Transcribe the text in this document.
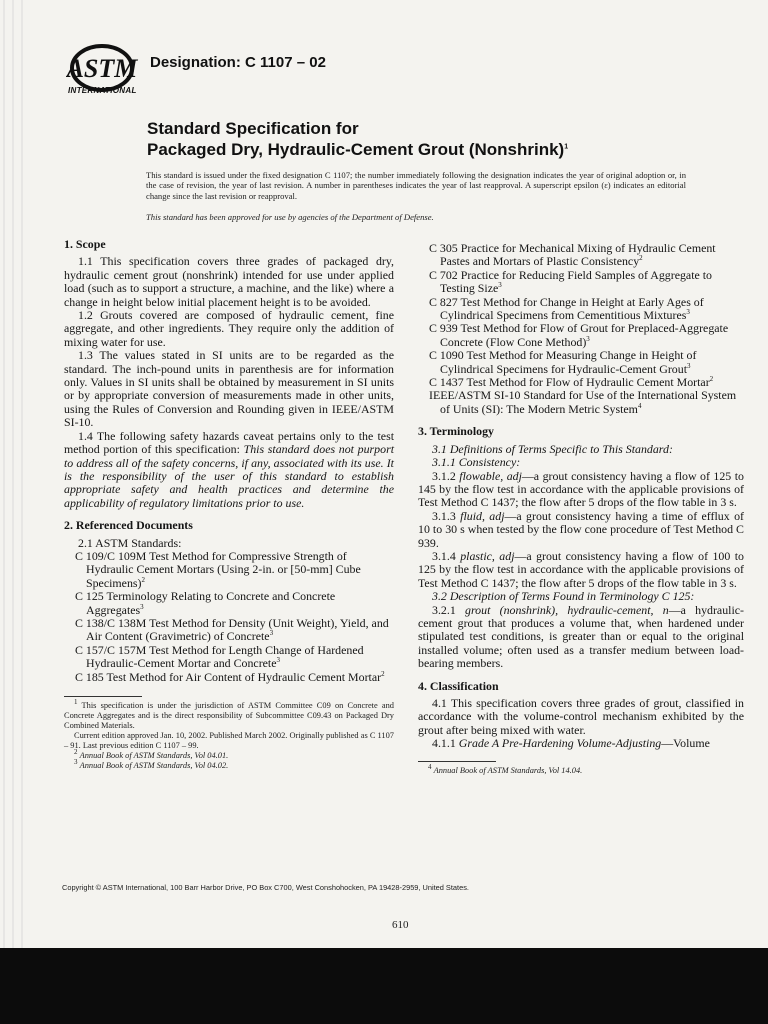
ASTM
INTERNATIONAL
Designation: C 1107 – 02
Standard Specification for
Packaged Dry, Hydraulic-Cement Grout (Nonshrink)$^1$
This standard is issued under the fixed designation C 1107; the number immediately following the designation indicates the year of original adoption or, in the case of revision, the year of last revision. A number in parentheses indicates the year of last reapproval. A superscript epsilon (ε) indicates an editorial change since the last revision or reapproval.
This standard has been approved for use by agencies of the Department of Defense.
1. Scope

1.1 This specification covers three grades of packaged dry, hydraulic cement grout (nonshrink) intended for use under applied load (such as to support a structure, a machine, and the like) where a change in height below initial placement height is to be avoided.

1.2 Grouts covered are composed of hydraulic cement, fine aggregate, and other ingredients. They require only the addition of mixing water for use.

1.3 The values stated in SI units are to be regarded as the standard. The inch-pound units in parenthesis are for information only. Values in SI units shall be obtained by measurement in SI units or by appropriate conversion of measurements made in other units, using the Rules of Conversion and Rounding given in IEEE/ASTM SI-10.

1.4 The following safety hazards caveat pertains only to the test method portion of this specification: This standard does not purport to address all of the safety concerns, if any, associated with its use. It is the responsibility of the user of this standard to establish appropriate safety and health practices and determine the applicability of regulatory limitations prior to use.

2. Referenced Documents

2.1 ASTM Standards:

C 109/C 109M Test Method for Compressive Strength of Hydraulic Cement Mortars (Using 2-in. or [50-mm] Cube Specimens)$^2$

C 125 Terminology Relating to Concrete and Concrete Aggregates$^3$

C 138/C 138M Test Method for Density (Unit Weight), Yield, and Air Content (Gravimetric) of Concrete$^3$

C 157/C 157M Test Method for Length Change of Hardened Hydraulic-Cement Mortar and Concrete$^3$

C 185 Test Method for Air Content of Hydraulic Cement Mortar$^2$

$^1$ This specification is under the jurisdiction of ASTM Committee C09 on Concrete and Concrete Aggregates and is the direct responsibility of Subcommittee C09.43 on Packaged Dry Combined Materials.

Current edition approved Jan. 10, 2002. Published March 2002. Originally published as C 1107 – 91. Last previous edition C 1107 – 99.

$^2$ Annual Book of ASTM Standards, Vol 04.01.

$^3$ Annual Book of ASTM Standards, Vol 04.02.

C 305 Practice for Mechanical Mixing of Hydraulic Cement Pastes and Mortars of Plastic Consistency$^2$

C 702 Practice for Reducing Field Samples of Aggregate to Testing Size$^3$

C 827 Test Method for Change in Height at Early Ages of Cylindrical Specimens from Cementitious Mixtures$^3$

C 939 Test Method for Flow of Grout for Preplaced-Aggregate Concrete (Flow Cone Method)$^3$

C 1090 Test Method for Measuring Change in Height of Cylindrical Specimens for Hydraulic-Cement Grout$^3$

C 1437 Test Method for Flow of Hydraulic Cement Mortar$^2$

IEEE/ASTM SI-10 Standard for Use of the International System of Units (SI): The Modern Metric System$^4$

3. Terminology

3.1 Definitions of Terms Specific to This Standard:

3.1.1 Consistency:

3.1.2 flowable, adj—a grout consistency having a flow of 125 to 145 by the flow test in accordance with the applicable provisions of Test Method C 1437; the flow after 5 drops of the flow table in 3 s.

3.1.3 fluid, adj—a grout consistency having a time of efflux of 10 to 30 s when tested by the flow cone procedure of Test Method C 939.

3.1.4 plastic, adj—a grout consistency having a flow of 100 to 125 by the flow test in accordance with the applicable provisions of Test Method C 1437; the flow after 5 drops of the flow table in 3 s.

3.2 Description of Terms Found in Terminology C 125:

3.2.1 grout (nonshrink), hydraulic-cement, n—a hydraulic-cement grout that produces a volume that, when hardened under stipulated test conditions, is greater than or equal to the original installed volume; often used as a transfer medium between load-bearing members.

4. Classification

4.1 This specification covers three grades of grout, classified in accordance with the volume-control mechanism exhibited by the grout after being mixed with water.

4.1.1 Grade A Pre-Hardening Volume-Adjusting—Volume

$^4$ Annual Book of ASTM Standards, Vol 14.04.

Copyright © ASTM International, 100 Barr Harbor Drive, PO Box C700, West Conshohocken, PA 19428-2959, United States.
610
